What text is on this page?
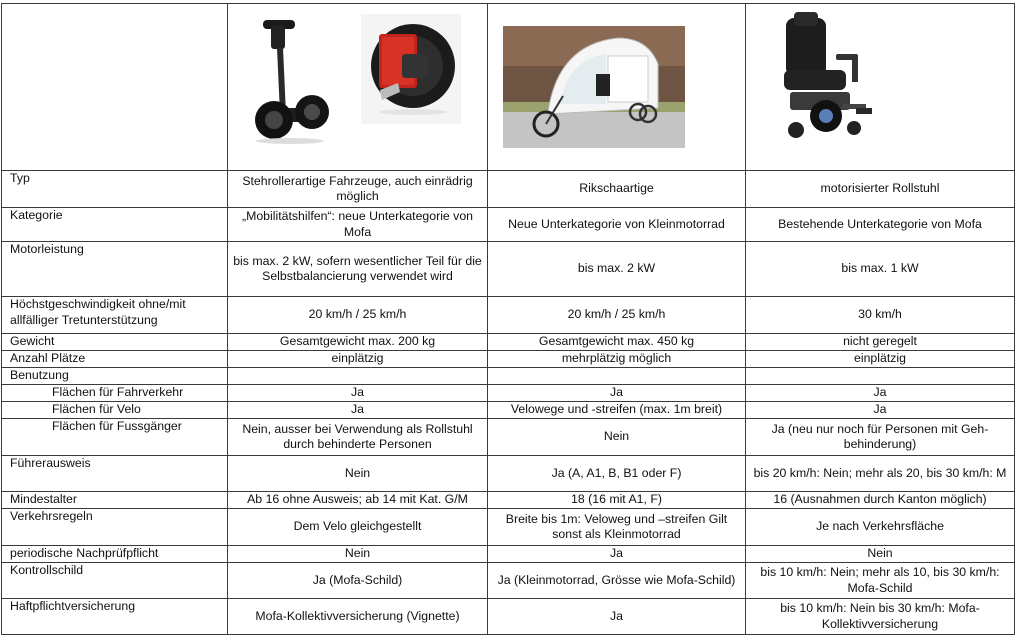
Typ	Stehrollerartige Fahrzeuge, auch einrädrig möglich	Rikschaartige	motorisierter Rollstuhl
Kategorie	„Mobilitätshilfen“: neue Unterkategorie von Mofa	Neue Unterkategorie von Kleinmotorrad	Bestehende Unterkategorie von Mofa
Motorleistung	bis max. 2 kW, sofern wesentlicher Teil für die Selbstbalancierung verwendet wird	bis max. 2 kW	bis max. 1 kW
Höchstgeschwindigkeit ohne/mit allfälliger Tretunterstützung	20 km/h / 25 km/h	20 km/h / 25 km/h	30 km/h
Gewicht	Gesamtgewicht max. 200 kg	Gesamtgewicht max. 450 kg	nicht geregelt
Anzahl Plätze	einplätzig	mehrplätzig möglich	einplätzig
Benutzung			
Flächen für Fahrverkehr	Ja	Ja	Ja
Flächen für Velo	Ja	Velowege und -streifen (max. 1m breit)	Ja
Flächen für Fussgänger	Nein, ausser bei Verwendung als Rollstuhl durch behinderte Personen	Nein	Ja (neu nur noch für Personen mit Geh-behinderung)
Führerausweis	Nein	Ja (A, A1, B, B1 oder F)	bis 20 km/h: Nein; mehr als 20, bis 30 km/h: M
Mindestalter	Ab 16 ohne Ausweis; ab 14 mit Kat. G/M	18 (16 mit A1, F)	16 (Ausnahmen durch Kanton möglich)
Verkehrsregeln	Dem Velo gleichgestellt	Breite bis 1m: Veloweg und –streifen Gilt sonst als Kleinmotorrad	Je nach Verkehrsfläche
periodische Nachprüfpflicht	Nein	Ja	Nein
Kontrollschild	Ja (Mofa-Schild)	Ja (Kleinmotorrad, Grösse wie Mofa-Schild)	bis 10 km/h: Nein; mehr als 10, bis 30 km/h: Mofa-Schild
Haftpflichtversicherung	Mofa-Kollektivversicherung (Vignette)	Ja	bis 10 km/h: Nein bis 30 km/h: Mofa-Kollektivversicherung
